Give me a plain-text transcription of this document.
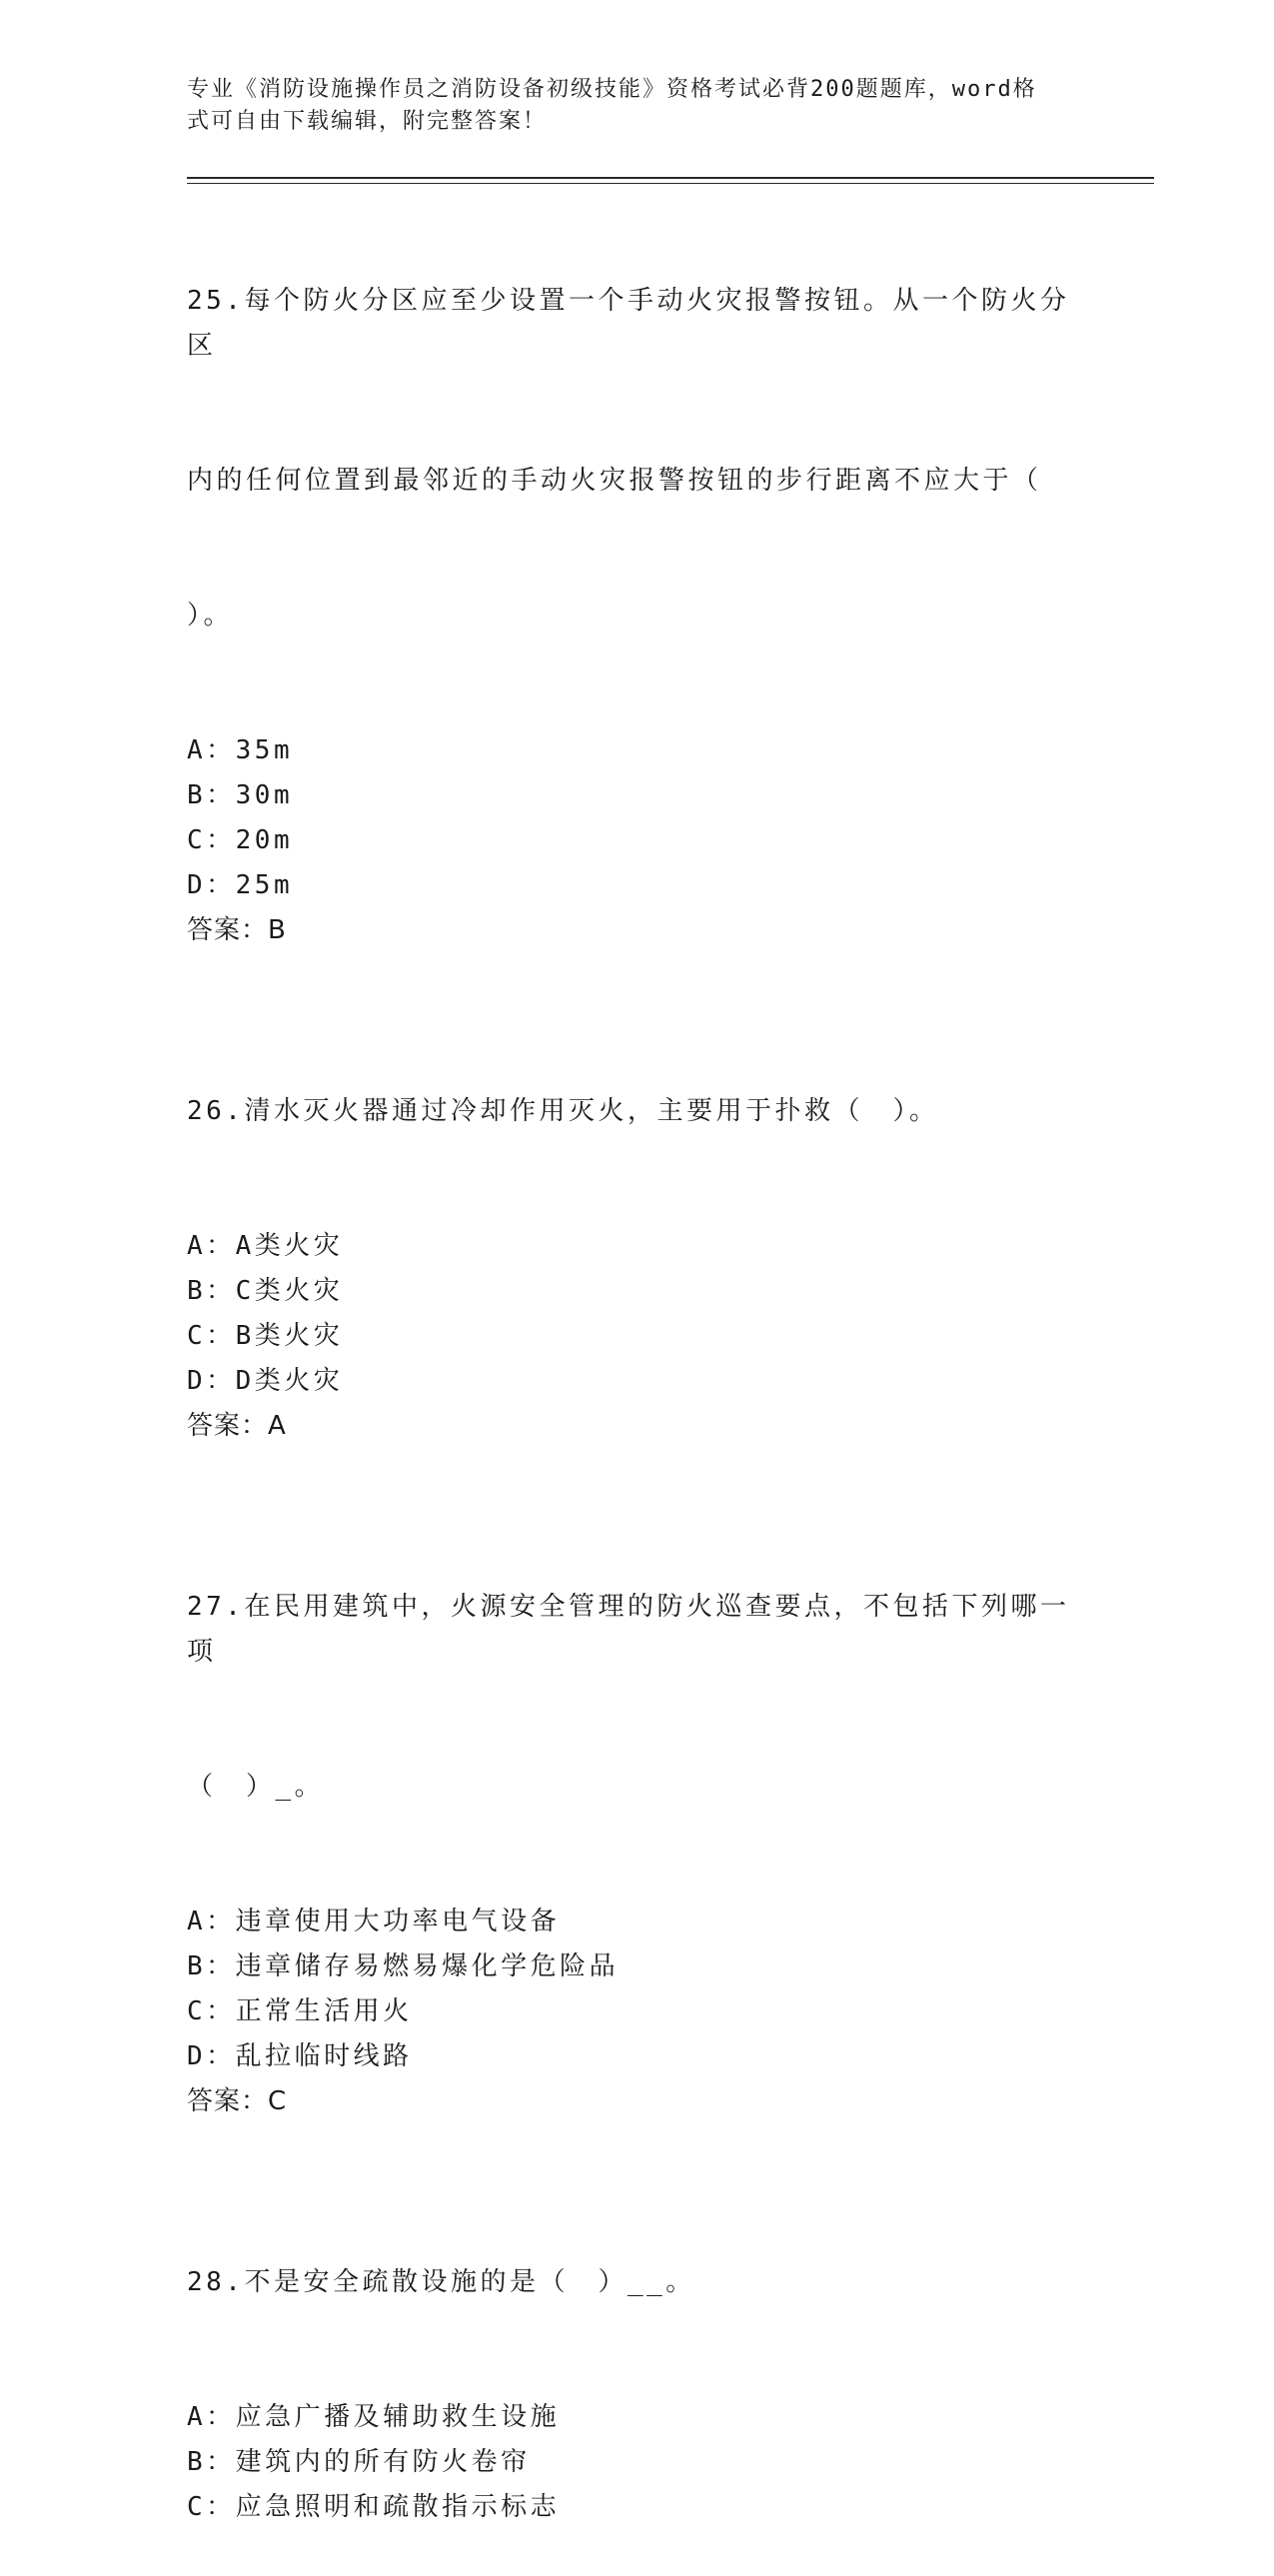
专业《消防设施操作员之消防设备初级技能》资格考试必背200题题库，word格
式可自由下载编辑，附完整答案！

25.每个防火分区应至少设置一个手动火灾报警按钮。从一个防火分区

内的任何位置到最邻近的手动火灾报警按钮的步行距离不应大于（

）。

A：35m

B：30m

C：20m

D：25m

答案：B

26.清水灭火器通过冷却作用灭火，主要用于扑救（　）。

A：A类火灾

B：C类火灾

C：B类火灾

D：D类火灾

答案：A

27.在民用建筑中，火源安全管理的防火巡查要点，不包括下列哪一项

（　）_。

A：违章使用大功率电气设备

B：违章储存易燃易爆化学危险品

C：正常生活用火

D：乱拉临时线路

答案：C

28.不是安全疏散设施的是（　）__。

A：应急广播及辅助救生设施

B：建筑内的所有防火卷帘

C：应急照明和疏散指示标志
